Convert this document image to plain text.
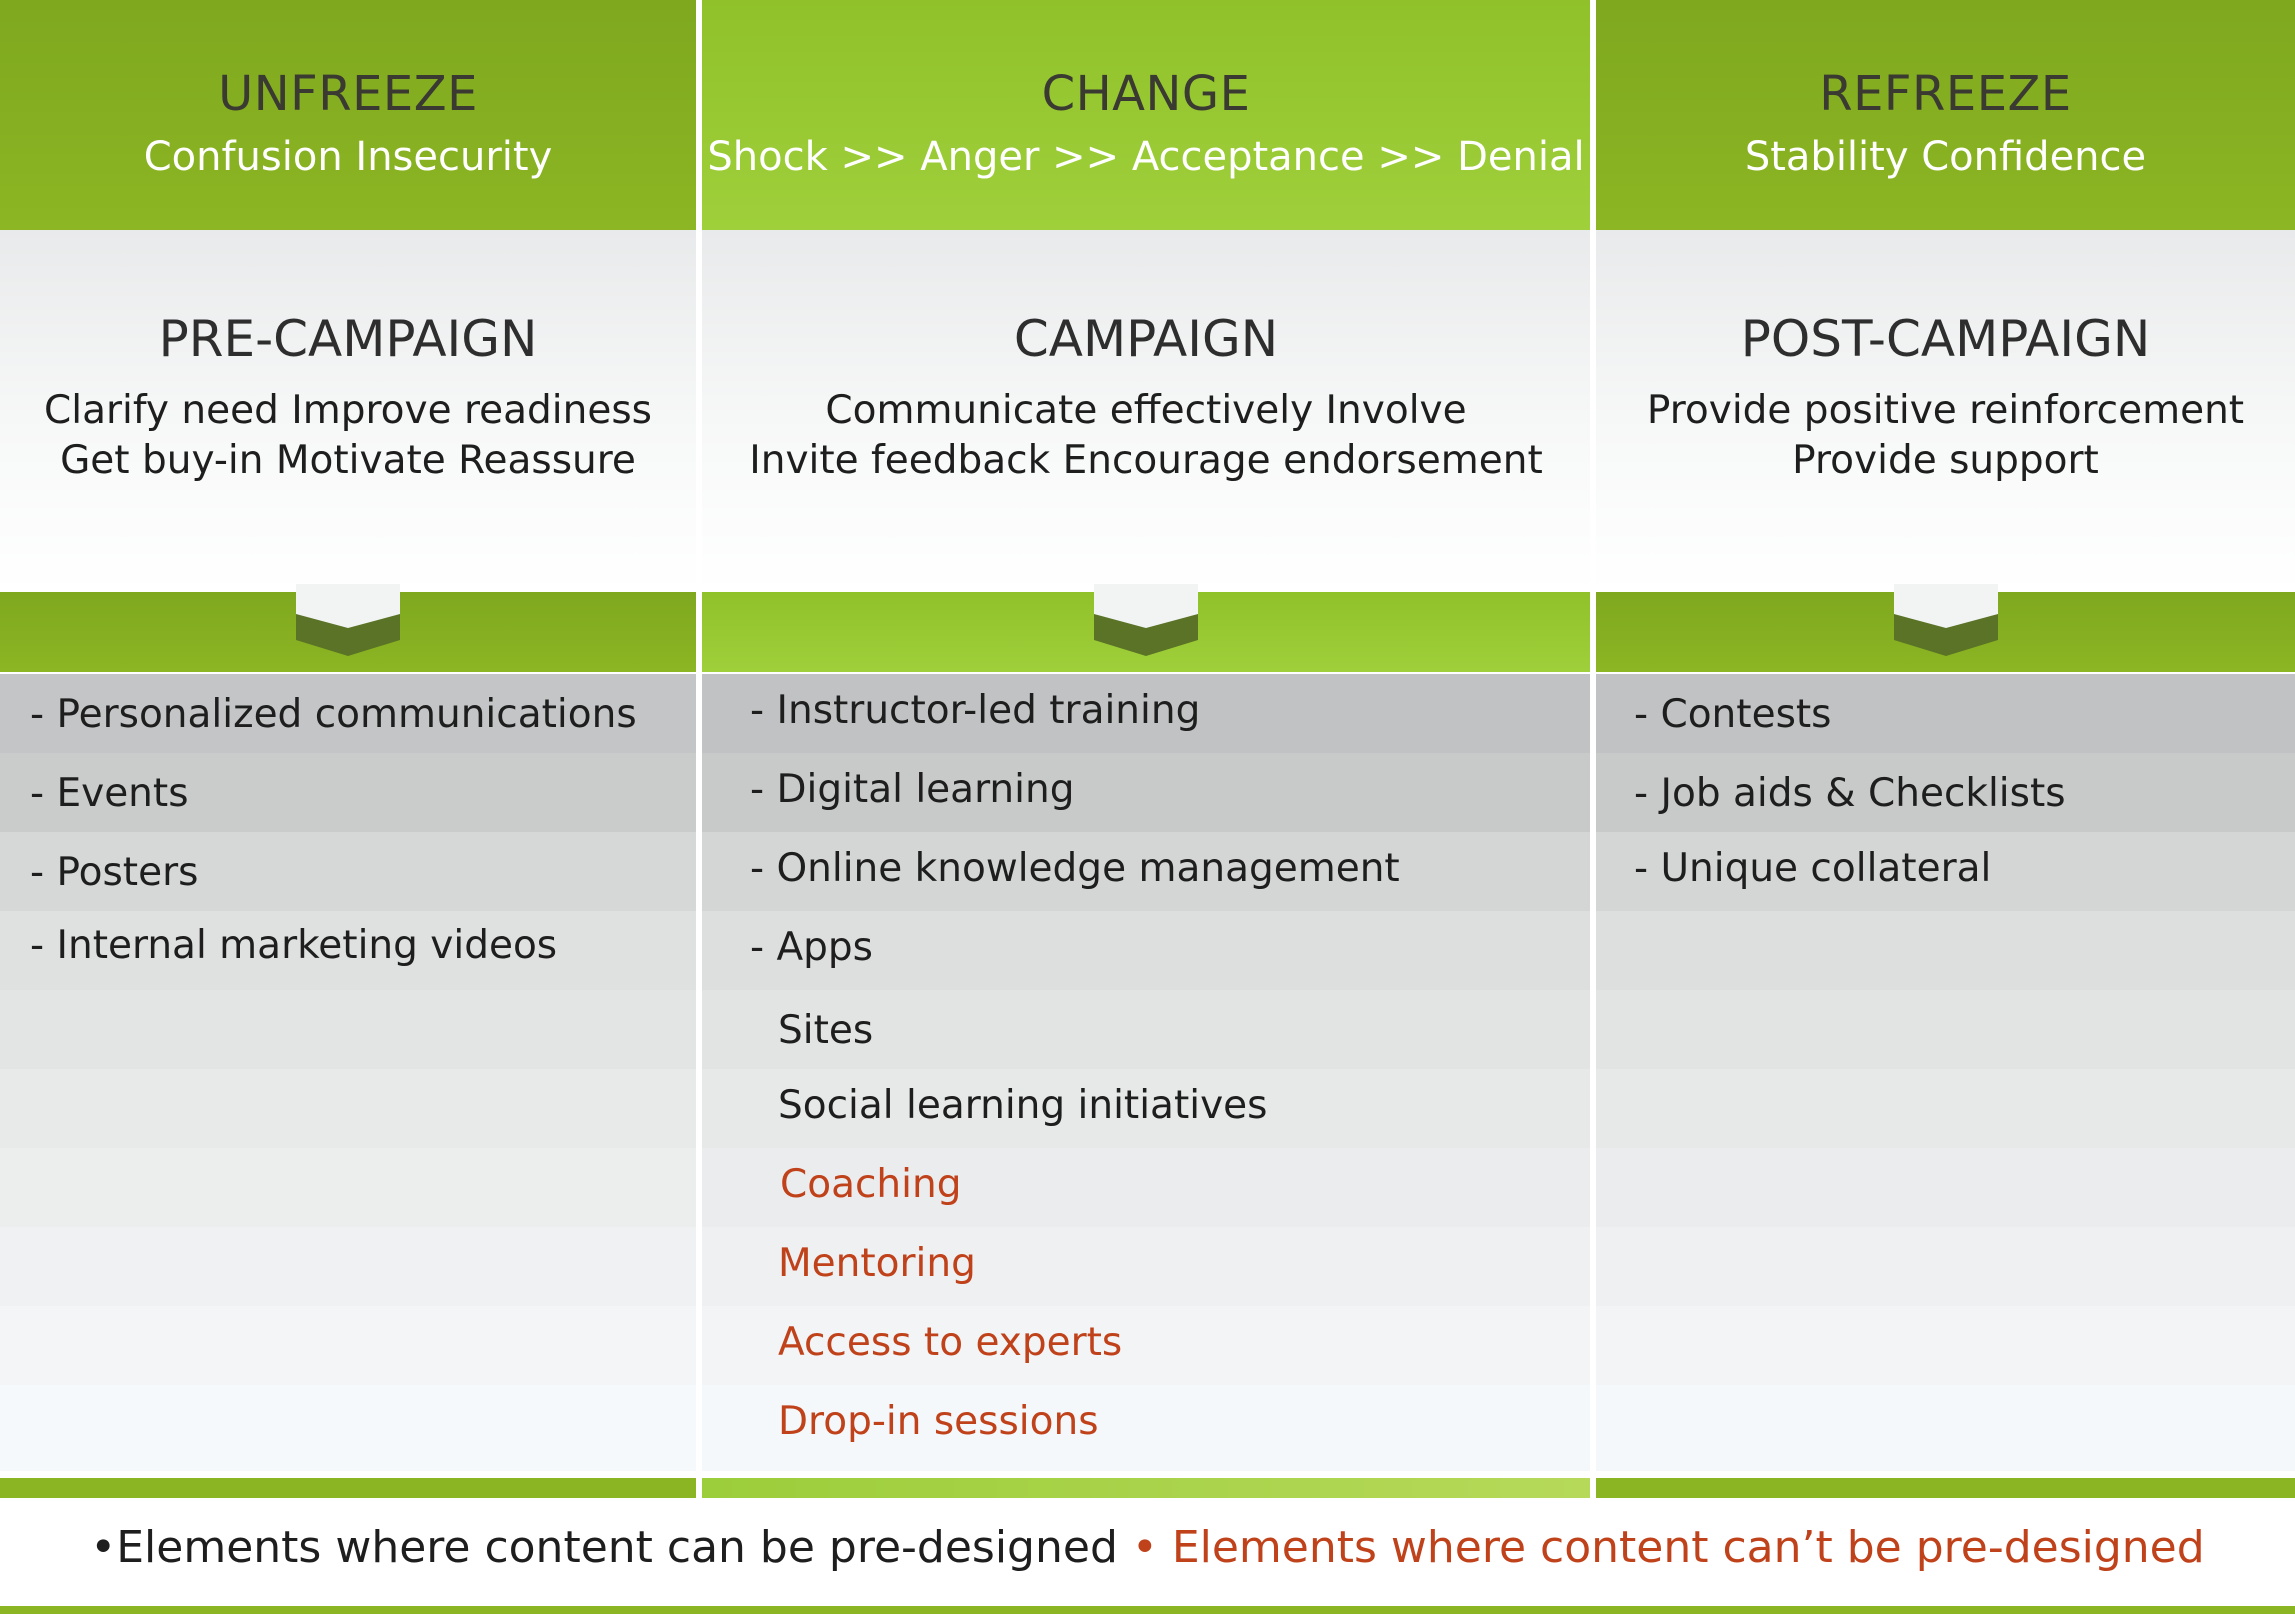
UNFREEZE
Confusion Insecurity
PRE-CAMPAIGN
Clarify need Improve readiness
Get buy-in Motivate Reassure
- Personalized communications
- Events
- Posters
- Internal marketing videos
CHANGE
Shock >> Anger >> Acceptance >> Denial
CAMPAIGN
Communicate effectively Involve
Invite feedback Encourage endorsement
- Instructor-led training
- Digital learning
- Online knowledge management
- Apps
Sites
Social learning initiatives
Coaching
Mentoring
Access to experts
Drop-in sessions
REFREEZE
Stability Confidence
POST-CAMPAIGN
Provide positive reinforcement
Provide support
- Contests
- Job aids & Checklists
- Unique collateral
•Elements where content can be pre-designed • Elements where content can’t be pre-designed
